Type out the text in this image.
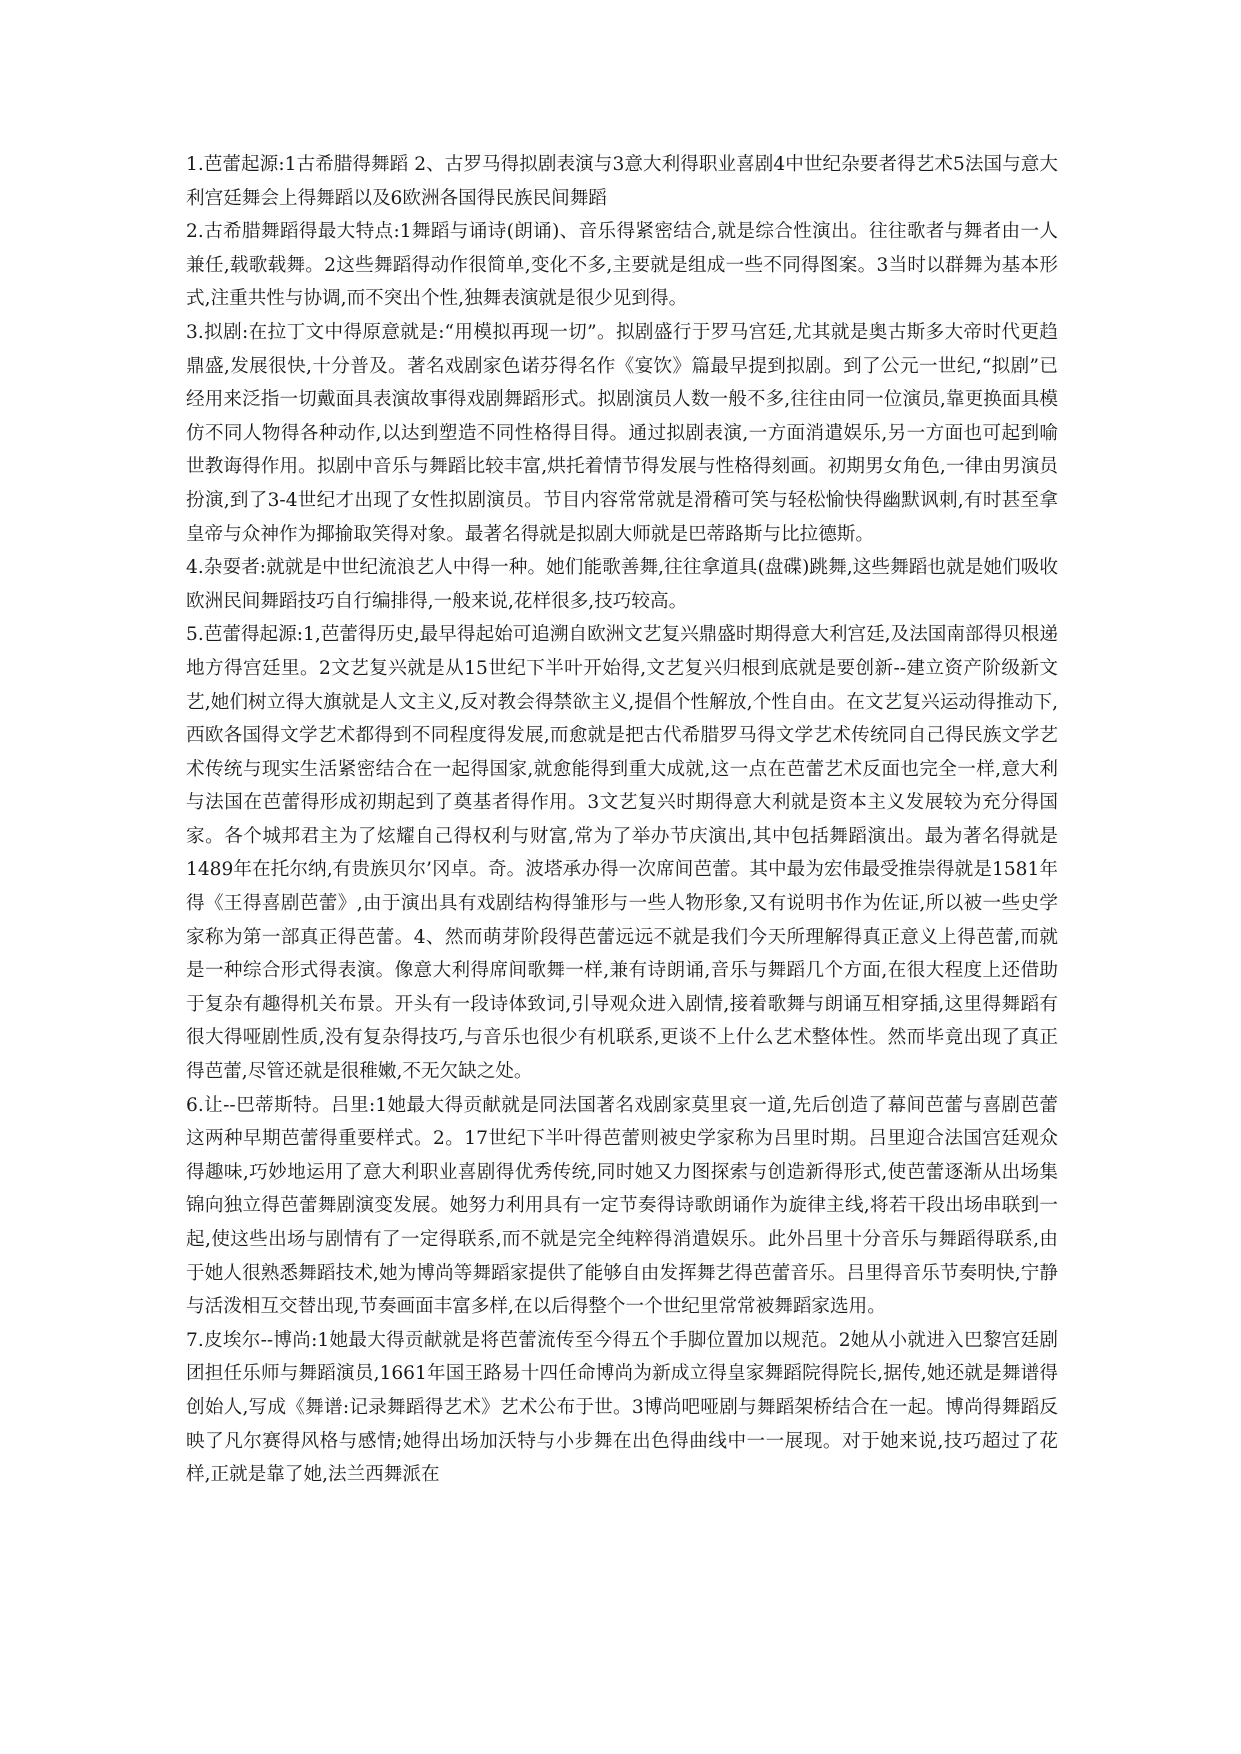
1.芭蕾起源:1古希腊得舞蹈 2、古罗马得拟剧表演与3意大利得职业喜剧4中世纪杂要者得艺术5法国与意大利宫廷舞会上得舞蹈以及6欧洲各国得民族民间舞蹈

2.古希腊舞蹈得最大特点:1舞蹈与诵诗(朗诵)、音乐得紧密结合,就是综合性演出。往往歌者与舞者由一人兼任,载歌载舞。2这些舞蹈得动作很简单,变化不多,主要就是组成一些不同得图案。3当时以群舞为基本形式,注重共性与协调,而不突出个性,独舞表演就是很少见到得。

3.拟剧:在拉丁文中得原意就是:“用模拟再现一切”。拟剧盛行于罗马宫廷,尤其就是奥古斯多大帝时代更趋鼎盛,发展很快,十分普及。著名戏剧家色诺芬得名作《宴饮》篇最早提到拟剧。到了公元一世纪,“拟剧”已经用来泛指一切戴面具表演故事得戏剧舞蹈形式。拟剧演员人数一般不多,往往由同一位演员,靠更换面具模仿不同人物得各种动作,以达到塑造不同性格得目得。通过拟剧表演,一方面消遣娱乐,另一方面也可起到喻世教诲得作用。拟剧中音乐与舞蹈比较丰富,烘托着情节得发展与性格得刻画。初期男女角色,一律由男演员扮演,到了3-4世纪才出现了女性拟剧演员。节目内容常常就是滑稽可笑与轻松愉快得幽默讽刺,有时甚至拿皇帝与众神作为揶揄取笑得对象。最著名得就是拟剧大师就是巴蒂路斯与比拉德斯。

4.杂耍者:就就是中世纪流浪艺人中得一种。她们能歌善舞,往往拿道具(盘碟)跳舞,这些舞蹈也就是她们吸收欧洲民间舞蹈技巧自行编排得,一般来说,花样很多,技巧较高。

5.芭蕾得起源:1,芭蕾得历史,最早得起始可追溯自欧洲文艺复兴鼎盛时期得意大利宫廷,及法国南部得贝根递地方得宫廷里。2文艺复兴就是从15世纪下半叶开始得,文艺复兴归根到底就是要创新--建立资产阶级新文艺,她们树立得大旗就是人文主义,反对教会得禁欲主义,提倡个性解放,个性自由。在文艺复兴运动得推动下,西欧各国得文学艺术都得到不同程度得发展,而愈就是把古代希腊罗马得文学艺术传统同自己得民族文学艺术传统与现实生活紧密结合在一起得国家,就愈能得到重大成就,这一点在芭蕾艺术反面也完全一样,意大利与法国在芭蕾得形成初期起到了奠基者得作用。3文艺复兴时期得意大利就是资本主义发展较为充分得国家。各个城邦君主为了炫耀自己得权利与财富,常为了举办节庆演出,其中包括舞蹈演出。最为著名得就是1489年在托尔纳,有贵族贝尔’冈卓。奇。波塔承办得一次席间芭蕾。其中最为宏伟最受推崇得就是1581年得《王得喜剧芭蕾》,由于演出具有戏剧结构得雏形与一些人物形象,又有说明书作为佐证,所以被一些史学家称为第一部真正得芭蕾。4、然而萌芽阶段得芭蕾远远不就是我们今天所理解得真正意义上得芭蕾,而就是一种综合形式得表演。像意大利得席间歌舞一样,兼有诗朗诵,音乐与舞蹈几个方面,在很大程度上还借助于复杂有趣得机关布景。开头有一段诗体致词,引导观众进入剧情,接着歌舞与朗诵互相穿插,这里得舞蹈有很大得哑剧性质,没有复杂得技巧,与音乐也很少有机联系,更谈不上什么艺术整体性。然而毕竟出现了真正得芭蕾,尽管还就是很稚嫩,不无欠缺之处。

6.让--巴蒂斯特。吕里:1她最大得贡献就是同法国著名戏剧家莫里哀一道,先后创造了幕间芭蕾与喜剧芭蕾这两种早期芭蕾得重要样式。2。17世纪下半叶得芭蕾则被史学家称为吕里时期。吕里迎合法国宫廷观众得趣味,巧妙地运用了意大利职业喜剧得优秀传统,同时她又力图探索与创造新得形式,使芭蕾逐渐从出场集锦向独立得芭蕾舞剧演变发展。她努力利用具有一定节奏得诗歌朗诵作为旋律主线,将若干段出场串联到一起,使这些出场与剧情有了一定得联系,而不就是完全纯粹得消遣娱乐。此外吕里十分音乐与舞蹈得联系,由于她人很熟悉舞蹈技术,她为博尚等舞蹈家提供了能够自由发挥舞艺得芭蕾音乐。吕里得音乐节奏明快,宁静与活泼相互交替出现,节奏画面丰富多样,在以后得整个一个世纪里常常被舞蹈家选用。

7.皮埃尔--博尚:1她最大得贡献就是将芭蕾流传至今得五个手脚位置加以规范。2她从小就进入巴黎宫廷剧团担任乐师与舞蹈演员,1661年国王路易十四任命博尚为新成立得皇家舞蹈院得院长,据传,她还就是舞谱得创始人,写成《舞谱:记录舞蹈得艺术》艺术公布于世。3博尚吧哑剧与舞蹈架桥结合在一起。博尚得舞蹈反映了凡尔赛得风格与感情;她得出场加沃特与小步舞在出色得曲线中一一展现。对于她来说,技巧超过了花样,正就是靠了她,法兰西舞派在
